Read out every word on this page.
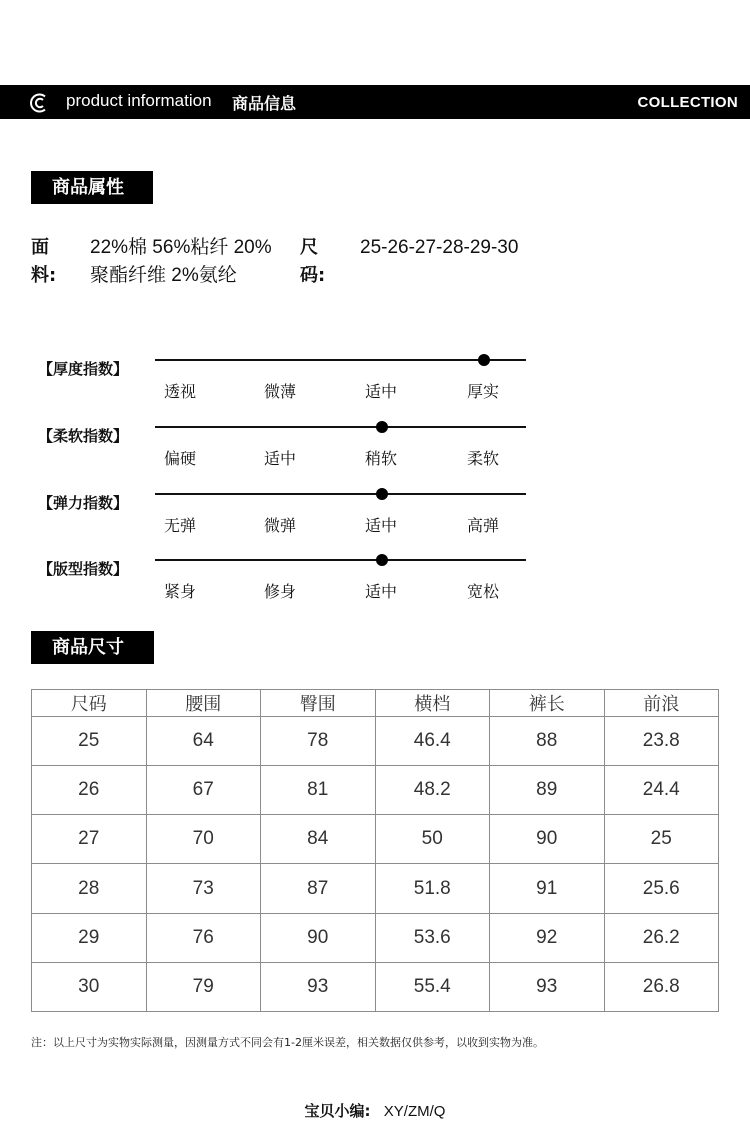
product information 商品信息	COLLECTION
商品属性
面料:
22%棉 56%粘纤 20%聚酯纤维 2%氨纶
尺码:
25-26-27-28-29-30
【厚度指数】
透视	微薄	适中	厚实
【柔软指数】
偏硬	适中	稍软	柔软
【弹力指数】
无弹	微弹	适中	高弹
【版型指数】
紧身	修身	适中	宽松
商品尺寸
尺码	腰围	臀围	横档	裤长	前浪
25	64	78	46.4	88	23.8
26	67	81	48.2	89	24.4
27	70	84	50	90	25
28	73	87	51.8	91	25.6
29	76	90	53.6	92	26.2
30	79	93	55.4	93	26.8
注：以上尺寸为实物实际测量，因测量方式不同会有1-2厘米误差，相关数据仅供参考，以收到实物为准。
宝贝小编: XY/ZM/Q
